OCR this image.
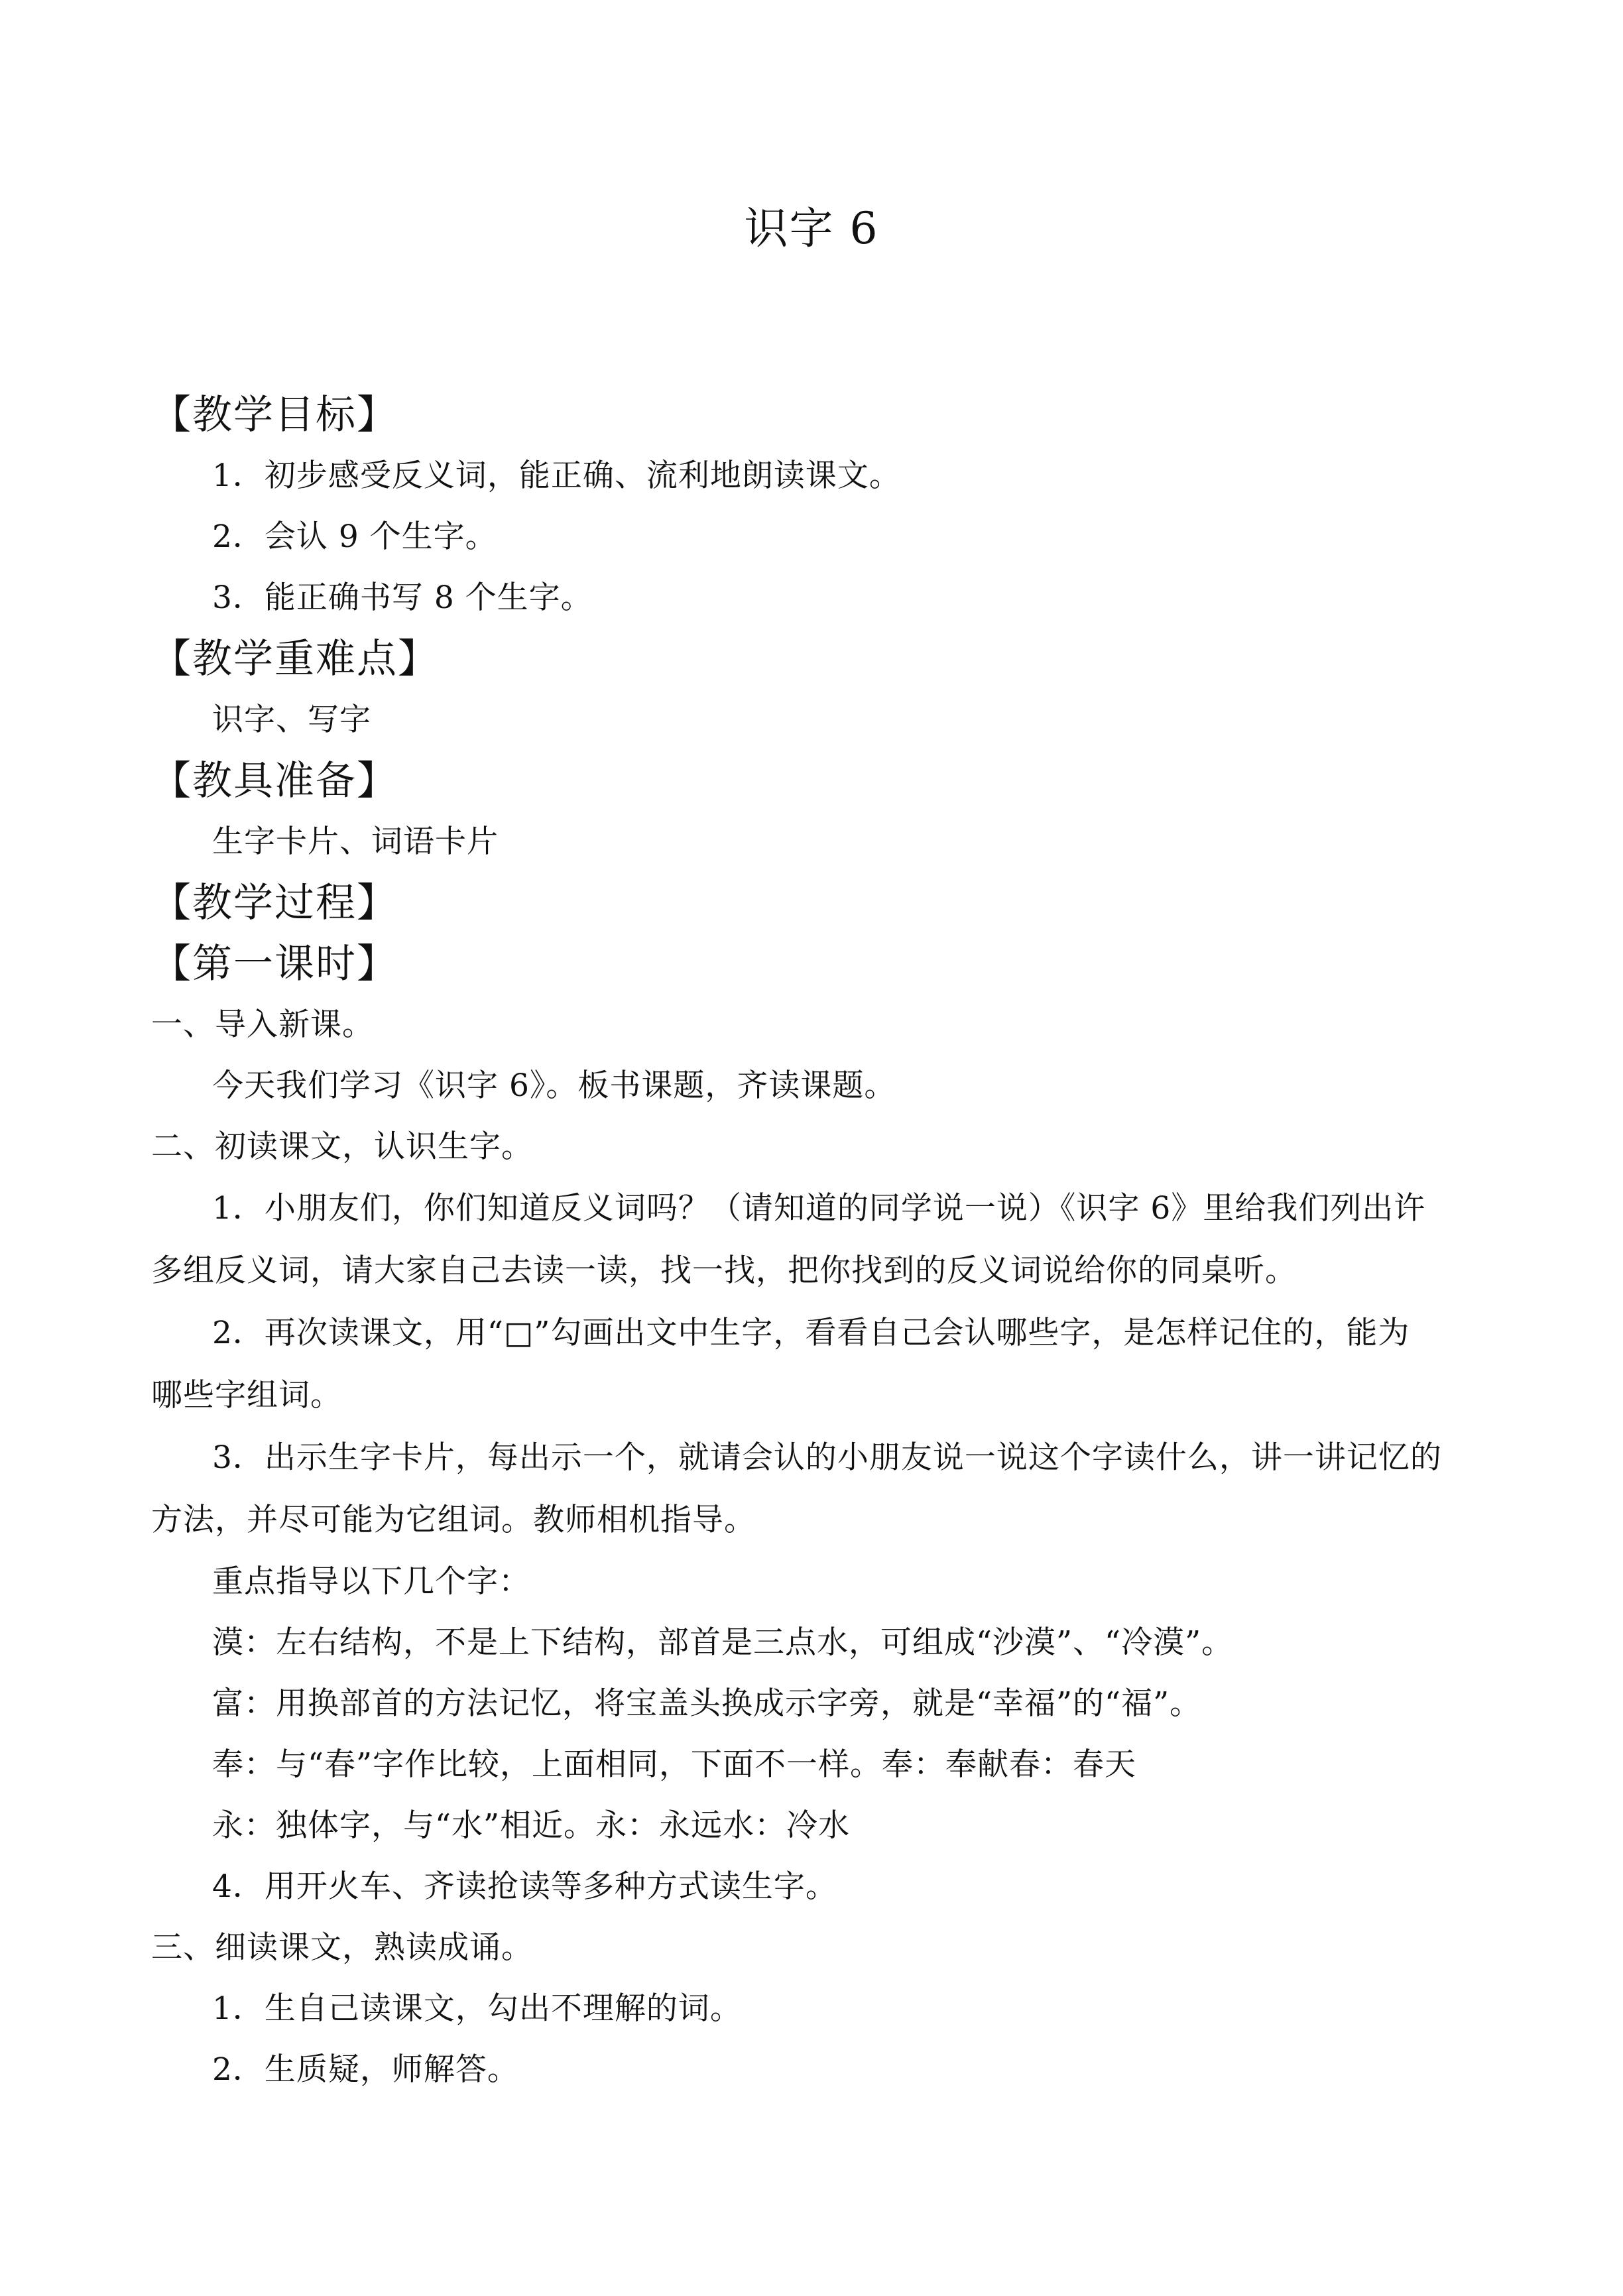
识字 6
【教学目标】

1．初步感受反义词，能正确、流利地朗读课文。

2．会认 9 个生字。

3．能正确书写 8 个生字。

【教学重难点】

识字、写字

【教具准备】

生字卡片、词语卡片

【教学过程】
【第一课时】

一、导入新课。

今天我们学习《识字 6》。板书课题，齐读课题。

二、初读课文，认识生字。

1．小朋友们，你们知道反义词吗？（请知道的同学说一说）《识字 6》里给我们列出许

多组反义词，请大家自己去读一读，找一找，把你找到的反义词说给你的同桌听。

2．再次读课文，用“□”勾画出文中生字，看看自己会认哪些字，是怎样记住的，能为

哪些字组词。

3．出示生字卡片，每出示一个，就请会认的小朋友说一说这个字读什么，讲一讲记忆的

方法，并尽可能为它组词。教师相机指导。

重点指导以下几个字：

漠：左右结构，不是上下结构，部首是三点水，可组成“沙漠”、“冷漠”。

富：用换部首的方法记忆，将宝盖头换成示字旁，就是“幸福”的“福”。

奉：与“春”字作比较，上面相同，下面不一样。奉：奉献春：春天

永：独体字，与“水”相近。永：永远水：冷水

4．用开火车、齐读抢读等多种方式读生字。

三、细读课文，熟读成诵。

1．生自己读课文，勾出不理解的词。

2．生质疑，师解答。
